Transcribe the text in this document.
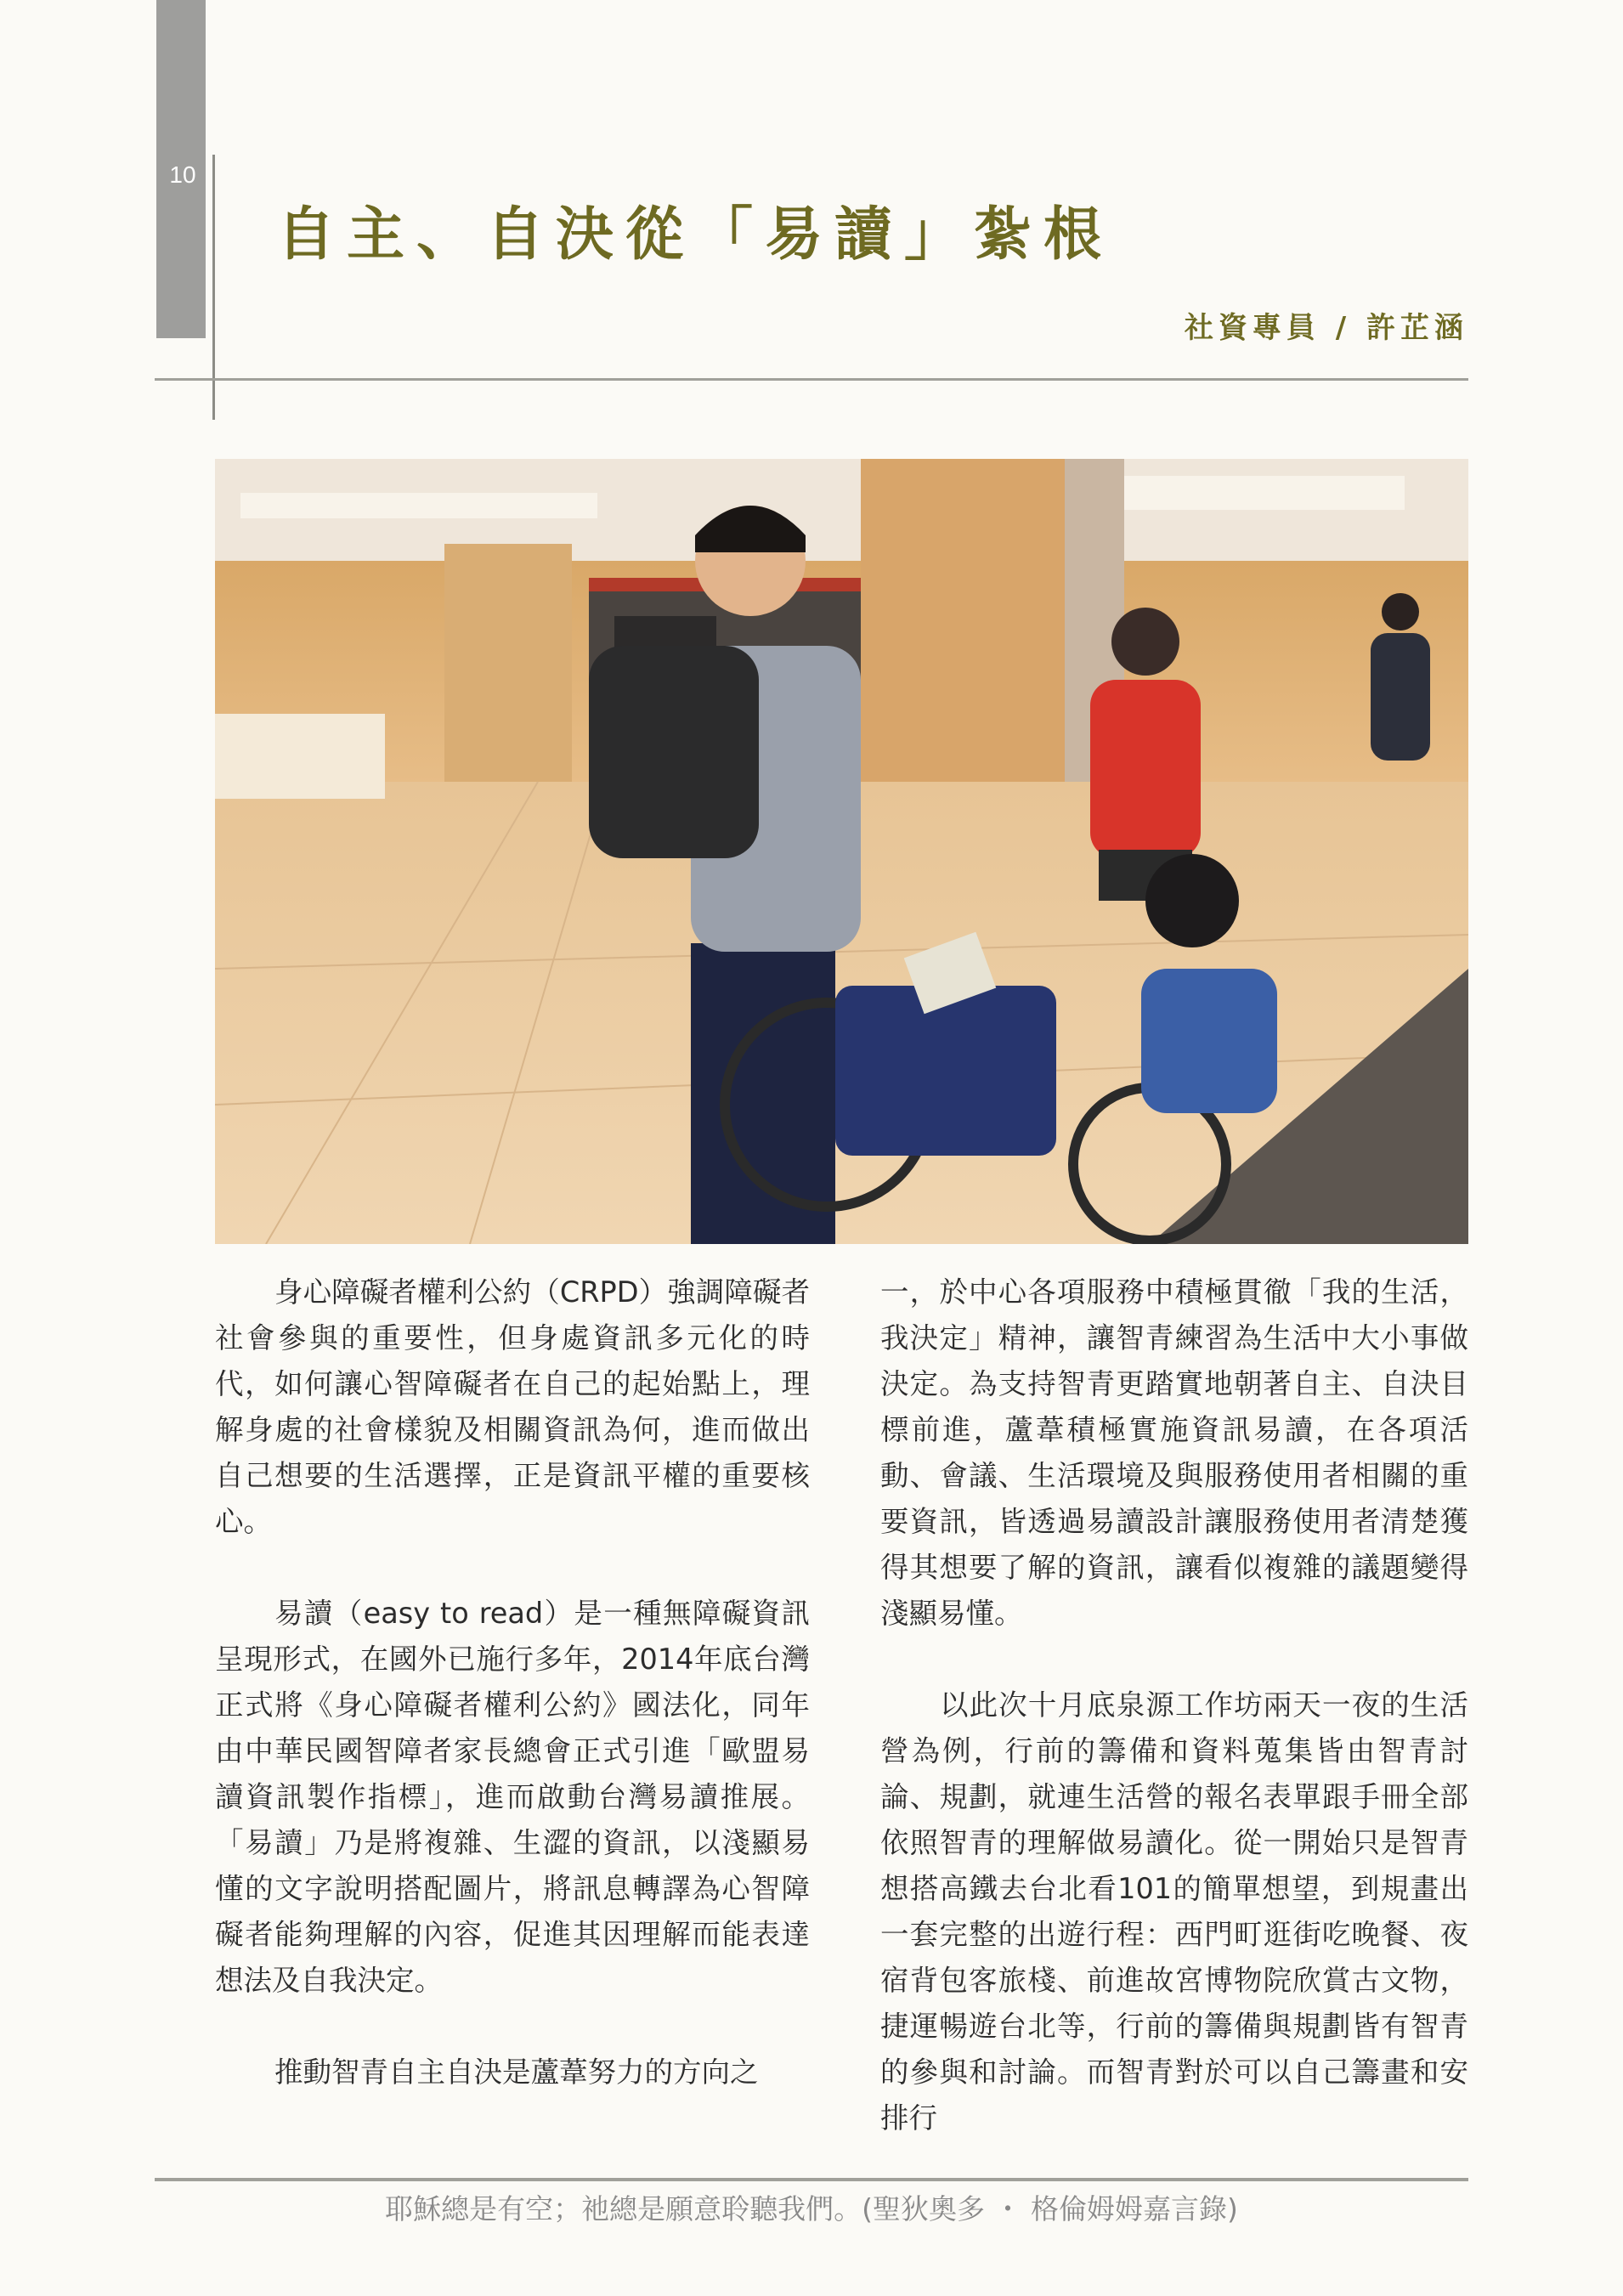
10
自主、自決從「易讀」紮根
社資專員 / 許芷涵

身心障礙者權利公約（CRPD）強調障礙者社會參與的重要性，但身處資訊多元化的時代，如何讓心智障礙者在自己的起始點上，理解身處的社會樣貌及相關資訊為何，進而做出自己想要的生活選擇，正是資訊平權的重要核心。

易讀（easy to read）是一種無障礙資訊呈現形式，在國外已施行多年，2014年底台灣正式將《身心障礙者權利公約》國法化，同年由中華民國智障者家長總會正式引進「歐盟易讀資訊製作指標」，進而啟動台灣易讀推展。「易讀」乃是將複雜、生澀的資訊，以淺顯易懂的文字說明搭配圖片，將訊息轉譯為心智障礙者能夠理解的內容，促進其因理解而能表達想法及自我決定。

推動智青自主自決是蘆葦努力的方向之

一，於中心各項服務中積極貫徹「我的生活，我決定」精神，讓智青練習為生活中大小事做決定。為支持智青更踏實地朝著自主、自決目標前進，蘆葦積極實施資訊易讀，在各項活動、會議、生活環境及與服務使用者相關的重要資訊，皆透過易讀設計讓服務使用者清楚獲得其想要了解的資訊，讓看似複雜的議題變得淺顯易懂。

以此次十月底泉源工作坊兩天一夜的生活營為例，行前的籌備和資料蒐集皆由智青討論、規劃，就連生活營的報名表單跟手冊全部依照智青的理解做易讀化。從一開始只是智青想搭高鐵去台北看101的簡單想望，到規畫出一套完整的出遊行程：西門町逛街吃晚餐、夜宿背包客旅棧、前進故宮博物院欣賞古文物，捷運暢遊台北等，行前的籌備與規劃皆有智青的參與和討論。而智青對於可以自己籌畫和安排行

耶穌總是有空；祂總是願意聆聽我們。(聖狄奧多 ・ 格倫姆姆嘉言錄)
